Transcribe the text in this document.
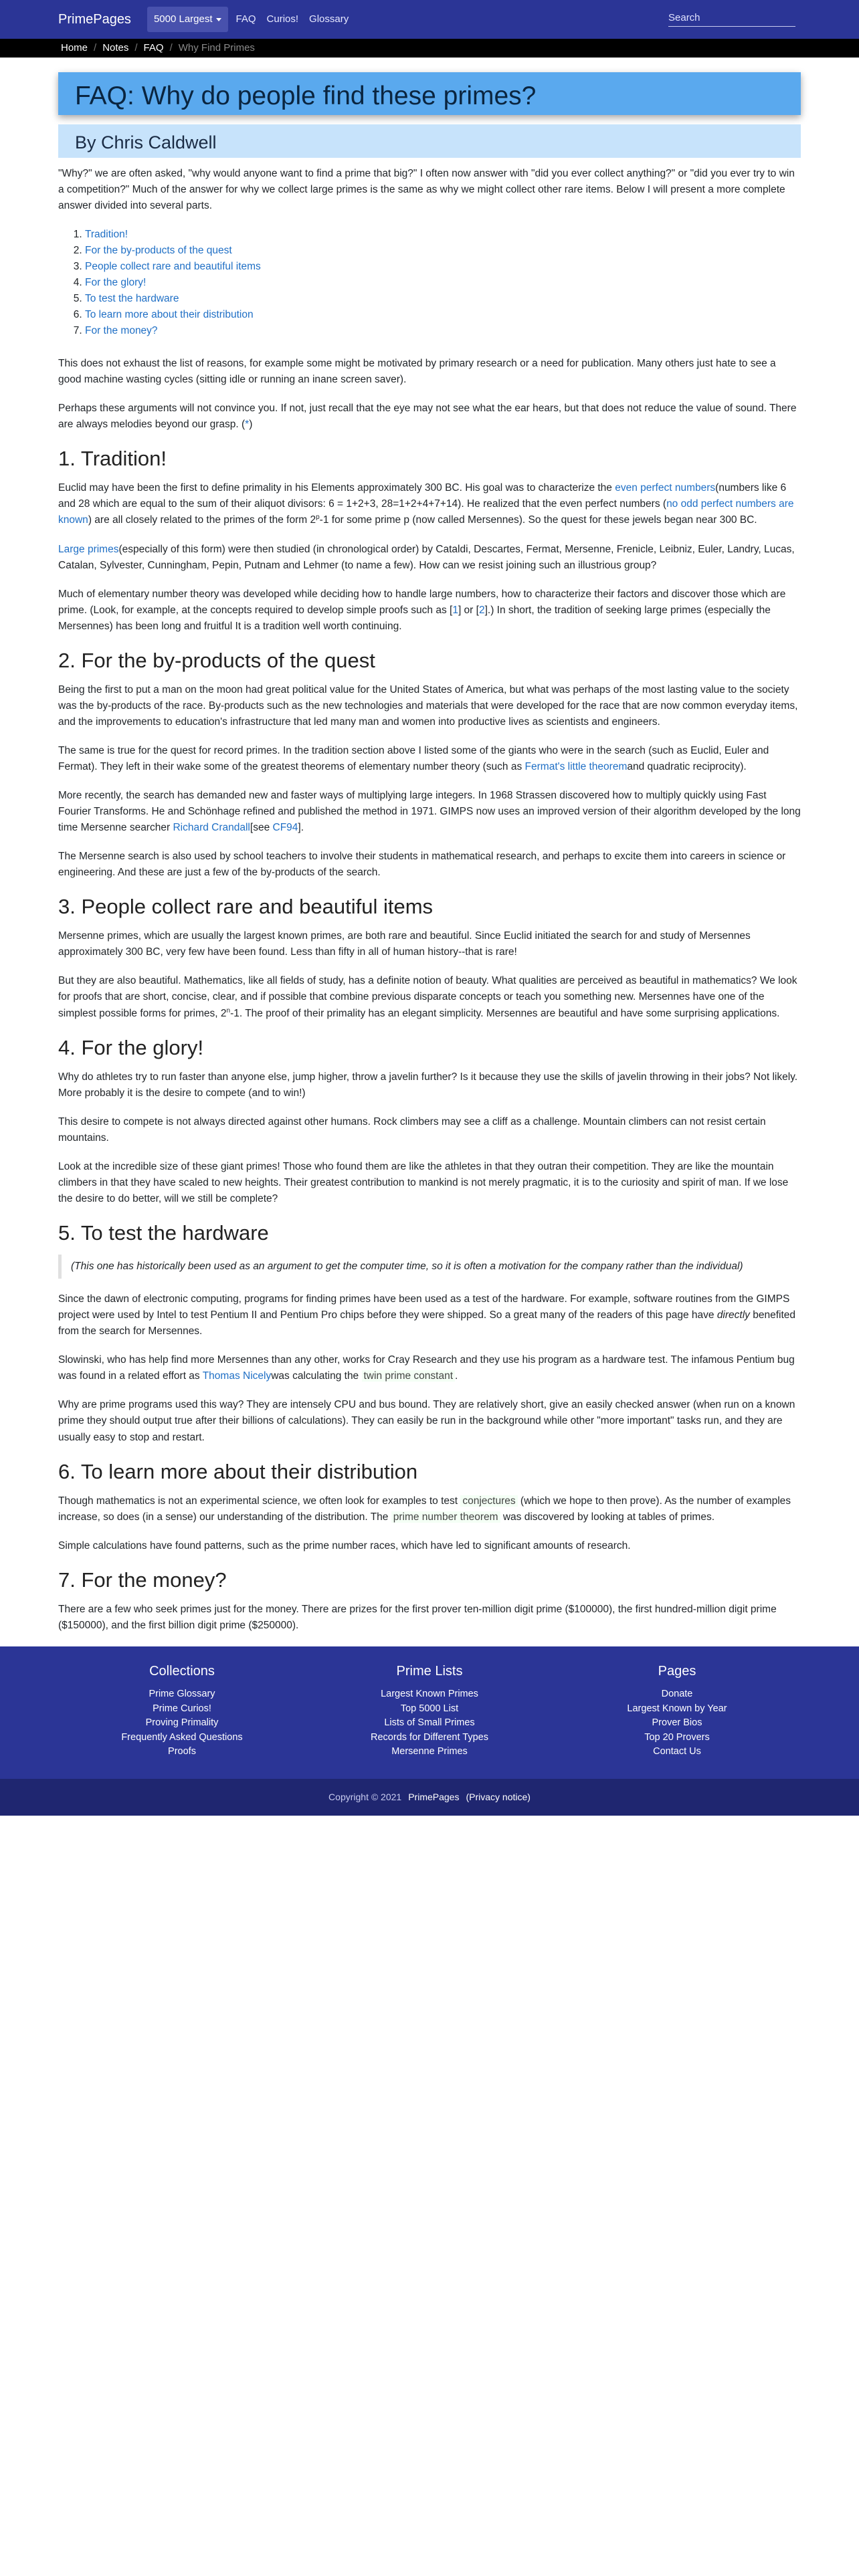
PrimePages 5000 Largest FAQ Curios! Glossary
Search
Home / Notes / FAQ / Why Find Primes
FAQ: Why do people find these primes?
By Chris Caldwell

"Why?" we are often asked, "why would anyone want to find a prime that big?" I often now answer with "did you ever collect anything?" or "did you ever try to win a competition?" Much of the answer for why we collect large primes is the same as why we might collect other rare items. Below I will present a more complete answer divided into several parts.

1. Tradition!
2. For the by-products of the quest
3. People collect rare and beautiful items
4. For the glory!
5. To test the hardware
6. To learn more about their distribution
7. For the money?

This does not exhaust the list of reasons, for example some might be motivated by primary research or a need for publication. Many others just hate to see a good machine wasting cycles (sitting idle or running an inane screen saver).

Perhaps these arguments will not convince you. If not, just recall that the eye may not see what the ear hears, but that does not reduce the value of sound. There are always melodies beyond our grasp. (*)

1. Tradition!

Euclid may have been the first to define primality in his Elements approximately 300 BC. His goal was to characterize the even perfect numbers(numbers like 6 and 28 which are equal to the sum of their aliquot divisors: 6 = 1+2+3, 28=1+2+4+7+14). He realized that the even perfect numbers (no odd perfect numbers are known) are all closely related to the primes of the form 2$^p$-1 for some prime p (now called Mersennes). So the quest for these jewels began near 300 BC.

Large primes(especially of this form) were then studied (in chronological order) by Cataldi, Descartes, Fermat, Mersenne, Frenicle, Leibniz, Euler, Landry, Lucas, Catalan, Sylvester, Cunningham, Pepin, Putnam and Lehmer (to name a few). How can we resist joining such an illustrious group?

Much of elementary number theory was developed while deciding how to handle large numbers, how to characterize their factors and discover those which are prime. (Look, for example, at the concepts required to develop simple proofs such as [1] or [2].) In short, the tradition of seeking large primes (especially the Mersennes) has been long and fruitful It is a tradition well worth continuing.

2. For the by-products of the quest

Being the first to put a man on the moon had great political value for the United States of America, but what was perhaps of the most lasting value to the society was the by-products of the race. By-products such as the new technologies and materials that were developed for the race that are now common everyday items, and the improvements to education's infrastructure that led many man and women into productive lives as scientists and engineers.

The same is true for the quest for record primes. In the tradition section above I listed some of the giants who were in the search (such as Euclid, Euler and Fermat). They left in their wake some of the greatest theorems of elementary number theory (such as Fermat's little theoremand quadratic reciprocity).

More recently, the search has demanded new and faster ways of multiplying large integers. In 1968 Strassen discovered how to multiply quickly using Fast Fourier Transforms. He and Schönhage refined and published the method in 1971. GIMPS now uses an improved version of their algorithm developed by the long time Mersenne searcher Richard Crandall[see CF94].

The Mersenne search is also used by school teachers to involve their students in mathematical research, and perhaps to excite them into careers in science or engineering. And these are just a few of the by-products of the search.

3. People collect rare and beautiful items

Mersenne primes, which are usually the largest known primes, are both rare and beautiful. Since Euclid initiated the search for and study of Mersennes approximately 300 BC, very few have been found. Less than fifty in all of human history--that is rare!

But they are also beautiful. Mathematics, like all fields of study, has a definite notion of beauty. What qualities are perceived as beautiful in mathematics? We look for proofs that are short, concise, clear, and if possible that combine previous disparate concepts or teach you something new. Mersennes have one of the simplest possible forms for primes, 2$^n$-1. The proof of their primality has an elegant simplicity. Mersennes are beautiful and have some surprising applications.

4. For the glory!

Why do athletes try to run faster than anyone else, jump higher, throw a javelin further? Is it because they use the skills of javelin throwing in their jobs? Not likely. More probably it is the desire to compete (and to win!)

This desire to compete is not always directed against other humans. Rock climbers may see a cliff as a challenge. Mountain climbers can not resist certain mountains.

Look at the incredible size of these giant primes! Those who found them are like the athletes in that they outran their competition. They are like the mountain climbers in that they have scaled to new heights. Their greatest contribution to mankind is not merely pragmatic, it is to the curiosity and spirit of man. If we lose the desire to do better, will we still be complete?

5. To test the hardware
(This one has historically been used as an argument to get the computer time, so it is often a motivation for the company rather than the individual)

Since the dawn of electronic computing, programs for finding primes have been used as a test of the hardware. For example, software routines from the GIMPS project were used by Intel to test Pentium II and Pentium Pro chips before they were shipped. So a great many of the readers of this page have directly benefited from the search for Mersennes.

Slowinski, who has help find more Mersennes than any other, works for Cray Research and they use his program as a hardware test. The infamous Pentium bug was found in a related effort as Thomas Nicelywas calculating the twin prime constant .

Why are prime programs used this way? They are intensely CPU and bus bound. They are relatively short, give an easily checked answer (when run on a known prime they should output true after their billions of calculations). They can easily be run in the background while other "more important" tasks run, and they are usually easy to stop and restart.

6. To learn more about their distribution

Though mathematics is not an experimental science, we often look for examples to test conjectures (which we hope to then prove). As the number of examples increase, so does (in a sense) our understanding of the distribution. The prime number theorem was discovered by looking at tables of primes.

Simple calculations have found patterns, such as the prime number races, which have led to significant amounts of research.

7. For the money?

There are a few who seek primes just for the money. There are prizes for the first prover ten-million digit prime ($100000), the first hundred-million digit prime ($150000), and the first billion digit prime ($250000).

Collections
Prime Glossary
Prime Curios!
Proving Primality
Frequently Asked Questions
Proofs
Prime Lists
Largest Known Primes
Top 5000 List
Lists of Small Primes
Records for Different Types
Mersenne Primes
Pages
Donate
Largest Known by Year
Prover Bios
Top 20 Provers
Contact Us
Copyright © 2021 PrimePages (Privacy notice)
